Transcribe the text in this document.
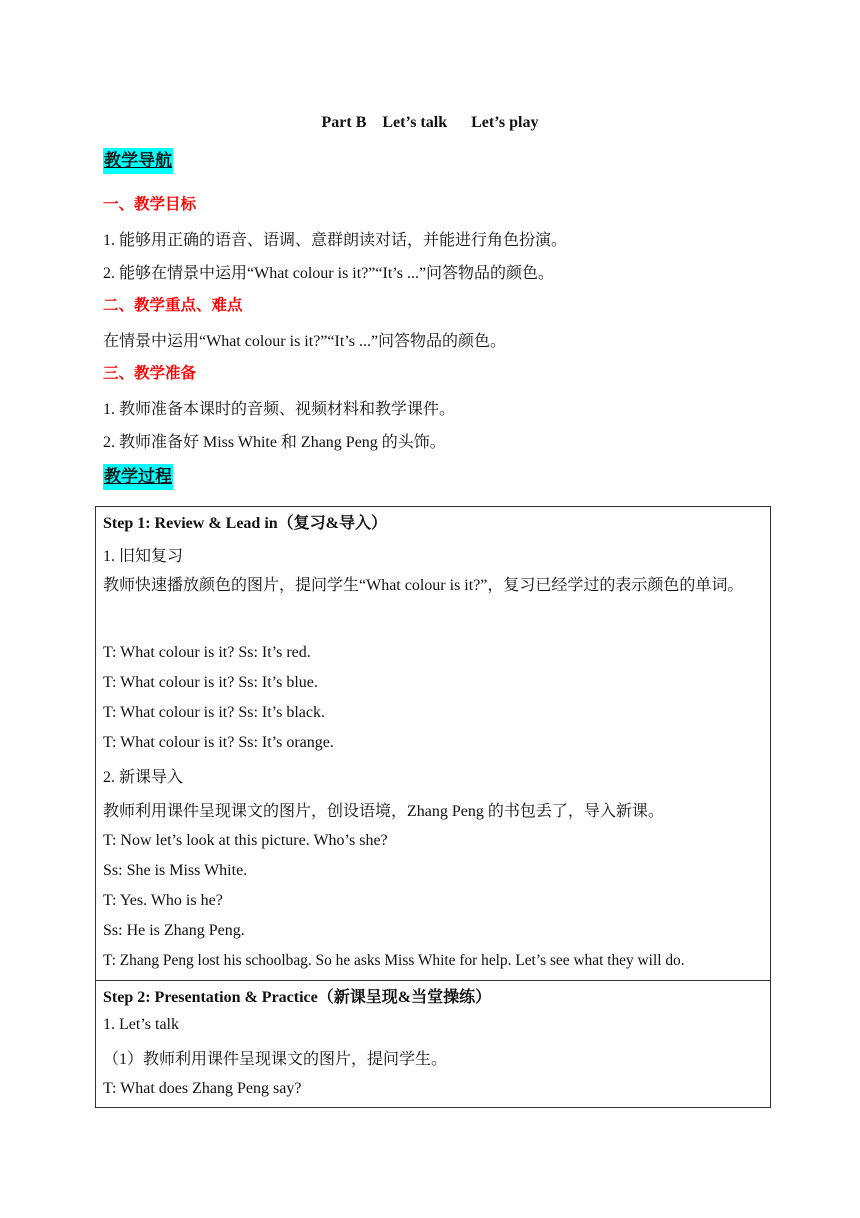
Part B    Let’s talk      Let’s play
教学导航
一、教学目标
1. 能够用正确的语音、语调、意群朗读对话，并能进行角色扮演。
2. 能够在情景中运用“What colour is it?”“It’s ...”问答物品的颜色。
二、教学重点、难点
在情景中运用“What colour is it?”“It’s ...”问答物品的颜色。
三、教学准备
1. 教师准备本课时的音频、视频材料和教学课件。
2. 教师准备好 Miss White 和 Zhang Peng 的头饰。
教学过程
Step 1: Review & Lead in（复习&导入）
1. 旧知复习
教师快速播放颜色的图片，提问学生“What colour is it?”，复习已经学过的表示颜色的单词。
T: What colour is it? Ss: It’s red.
T: What colour is it? Ss: It’s blue.
T: What colour is it? Ss: It’s black.
T: What colour is it? Ss: It’s orange.
2. 新课导入
教师利用课件呈现课文的图片，创设语境，Zhang Peng 的书包丢了，导入新课。
T: Now let’s look at this picture. Who’s she?
Ss: She is Miss White.
T: Yes. Who is he?
Ss: He is Zhang Peng.
T: Zhang Peng lost his schoolbag. So he asks Miss White for help. Let’s see what they will do.
Step 2: Presentation & Practice（新课呈现&当堂操练）
1. Let’s talk
（1）教师利用课件呈现课文的图片，提问学生。
T: What does Zhang Peng say?
